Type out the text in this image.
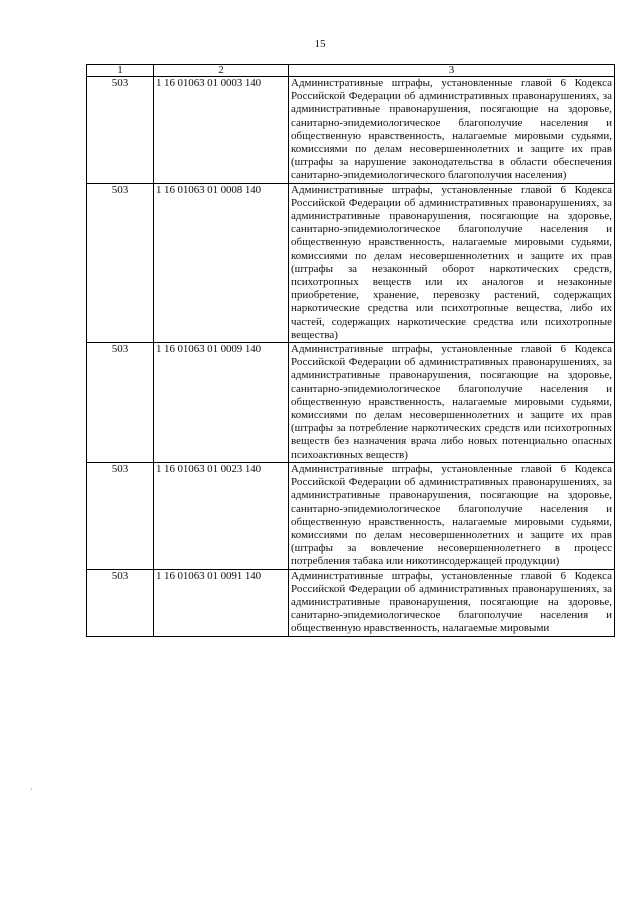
15
1	2	3
503	1 16 01063 01 0003 140	Административные штрафы, установленные главой 6 Кодекса Российской Федерации об административных правонарушениях, за административные правонарушения, посягающие на здоровье, санитарно-эпидемиологическое благополучие населения и общественную нравственность, налагаемые мировыми судьями, комиссиями по делам несовершеннолетних и защите их прав (штрафы за нарушение законодательства в области обеспечения санитарно-эпидемиологического благополучия населения)
503	1 16 01063 01 0008 140	Административные штрафы, установленные главой 6 Кодекса Российской Федерации об административных правонарушениях, за административные правонарушения, посягающие на здоровье, санитарно-эпидемиологическое благополучие населения и общественную нравственность, налагаемые мировыми судьями, комиссиями по делам несовершеннолетних и защите их прав (штрафы за незаконный оборот наркотических средств, психотропных веществ или их аналогов и незаконные приобретение, хранение, перевозку растений, содержащих наркотические средства или психотропные вещества, либо их частей, содержащих наркотические средства или психотропные вещества)
503	1 16 01063 01 0009 140	Административные штрафы, установленные главой 6 Кодекса Российской Федерации об административных правонарушениях, за административные правонарушения, посягающие на здоровье, санитарно-эпидемиологическое благополучие населения и общественную нравственность, налагаемые мировыми судьями, комиссиями по делам несовершеннолетних и защите их прав (штрафы за потребление наркотических средств или психотропных веществ без назначения врача либо новых потенциально опасных психоактивных веществ)
503	1 16 01063 01 0023 140	Административные штрафы, установленные главой 6 Кодекса Российской Федерации об административных правонарушениях, за административные правонарушения, посягающие на здоровье, санитарно-эпидемиологическое благополучие населения и общественную нравственность, налагаемые мировыми судьями, комиссиями по делам несовершеннолетних и защите их прав (штрафы за вовлечение несовершеннолетнего в процесс потребления табака или никотинсодержащей продукции)
503	1 16 01063 01 0091 140	Административные штрафы, установленные главой 6 Кодекса Российской Федерации об административных правонарушениях, за административные правонарушения, посягающие на здоровье, санитарно-эпидемиологическое благополучие населения и общественную нравственность, налагаемые мировыми
·
